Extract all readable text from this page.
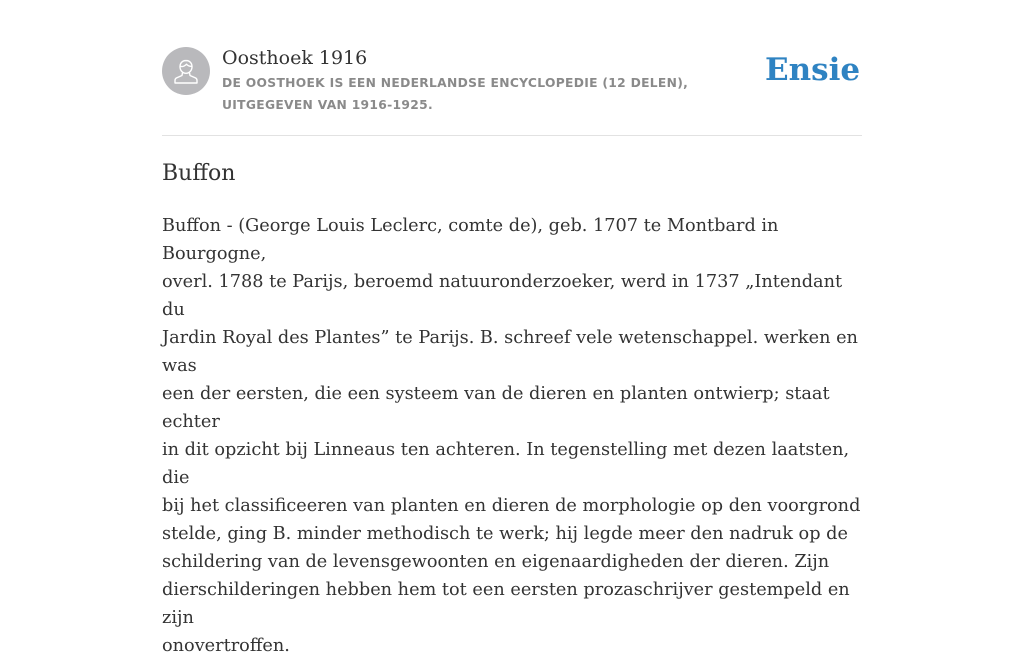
Oosthoek 1916
DE OOSTHOEK IS EEN NEDERLANDSE ENCYCLOPEDIE (12 DELEN), UITGEGEVEN VAN 1916-1925.
Ensie
Buffon
Buffon - (George Louis Leclerc, comte de), geb. 1707 te Montbard in Bourgogne,
overl. 1788 te Parijs, beroemd natuuronderzoeker, werd in 1737 „Intendant du
Jardin Royal des Plantes” te Parijs. B. schreef vele wetenschappel. werken en was
een der eersten, die een systeem van de dieren en planten ontwierp; staat echter
in dit opzicht bij Linneaus ten achteren. In tegenstelling met dezen laatsten, die
bij het classificeeren van planten en dieren de morphologie op den voorgrond
stelde, ging B. minder methodisch te werk; hij legde meer den nadruk op de
schildering van de levensgewoonten en eigenaardigheden der dieren. Zijn
dierschilderingen hebben hem tot een eersten prozaschrijver gestempeld en zijn
onovertroffen.
